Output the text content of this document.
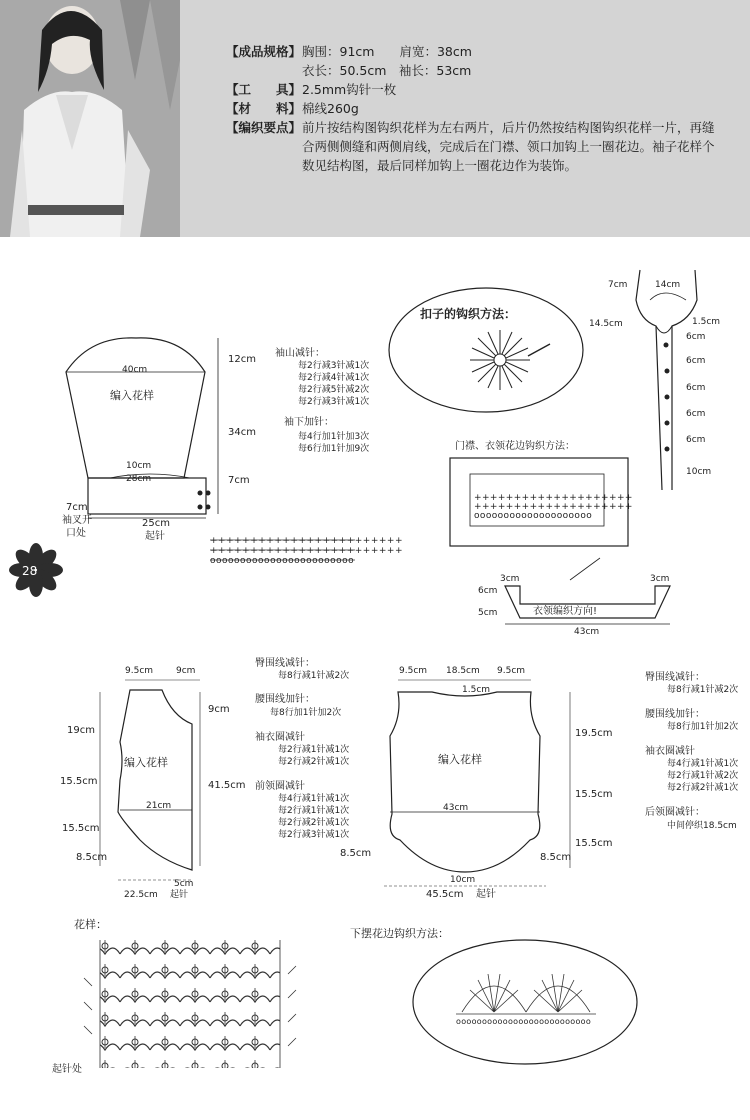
【成品规格】 胸围：91cm　　肩宽：38cm
衣长：50.5cm　袖长：53cm
【工　　具】 2.5mm钩针一枚
【材　　料】 棉线260g
【编织要点】 前片按结构图钩织花样为左右两片，后片仍然按结构图钩织花样一片，再缝合两侧侧缝和两侧肩线，完成后在门襟、领口加钩上一圈花边。袖子花样个数见结构图，最后同样加钩上一圈花边作为装饰。
28
40cm
编入花样
12cm
34cm
7cm
10cm
28cm
7cm
袖叉开
口处
25cm
起针
袖山减针：
每2行减3针减1次
每2行减4针减1次
每2行减5针减2次
每2行减3针减1次
袖下加针：
每4行加1针加3次
每6行加1针加9次
++++++++++++++++++++++++
++++++++++++++++++++++++
oooooooooooooooooooooooo
扣子的钩织方法：
7cm	14cm
14.5cm	1.5cm
6cm
6cm
6cm
6cm
6cm
10cm
门襟、衣领花边钩织方法：
++++++++++++++++++++
++++++++++++++++++++
oooooooooooooooooooo
3cm	3cm
6cm
5cm	衣领编织方向!
43cm
9.5cm	9cm
19cm
9cm
编入花样
15.5cm	41.5cm
21cm
15.5cm
8.5cm
5cm
22.5cm 起针
臀围线减针：
每8行减1针减2次
腰围线加针：
每8行加1针加2次
袖衣圈减针
每2行减1针减1次
每2行减2针减1次
前领圈减针
每4行减1针减1次
每2行减1针减1次
每2行减2针减1次
每2行减3针减1次
9.5cm 18.5cm 9.5cm
1.5cm
编入花样
19.5cm
43cm
15.5cm
15.5cm
8.5cm	8.5cm
10cm
45.5cm 起针
臀围线减针：
每8行减1针减2次
腰围线加针：
每8行加1针加2次
袖衣圈减针
每4行减1针减1次
每2行减1针减2次
每2行减2针减1次
后领圈减针：
中间停织18.5cm
花样：
起针处
下摆花边钩织方法：
oooooooooooooooooooooooooo
